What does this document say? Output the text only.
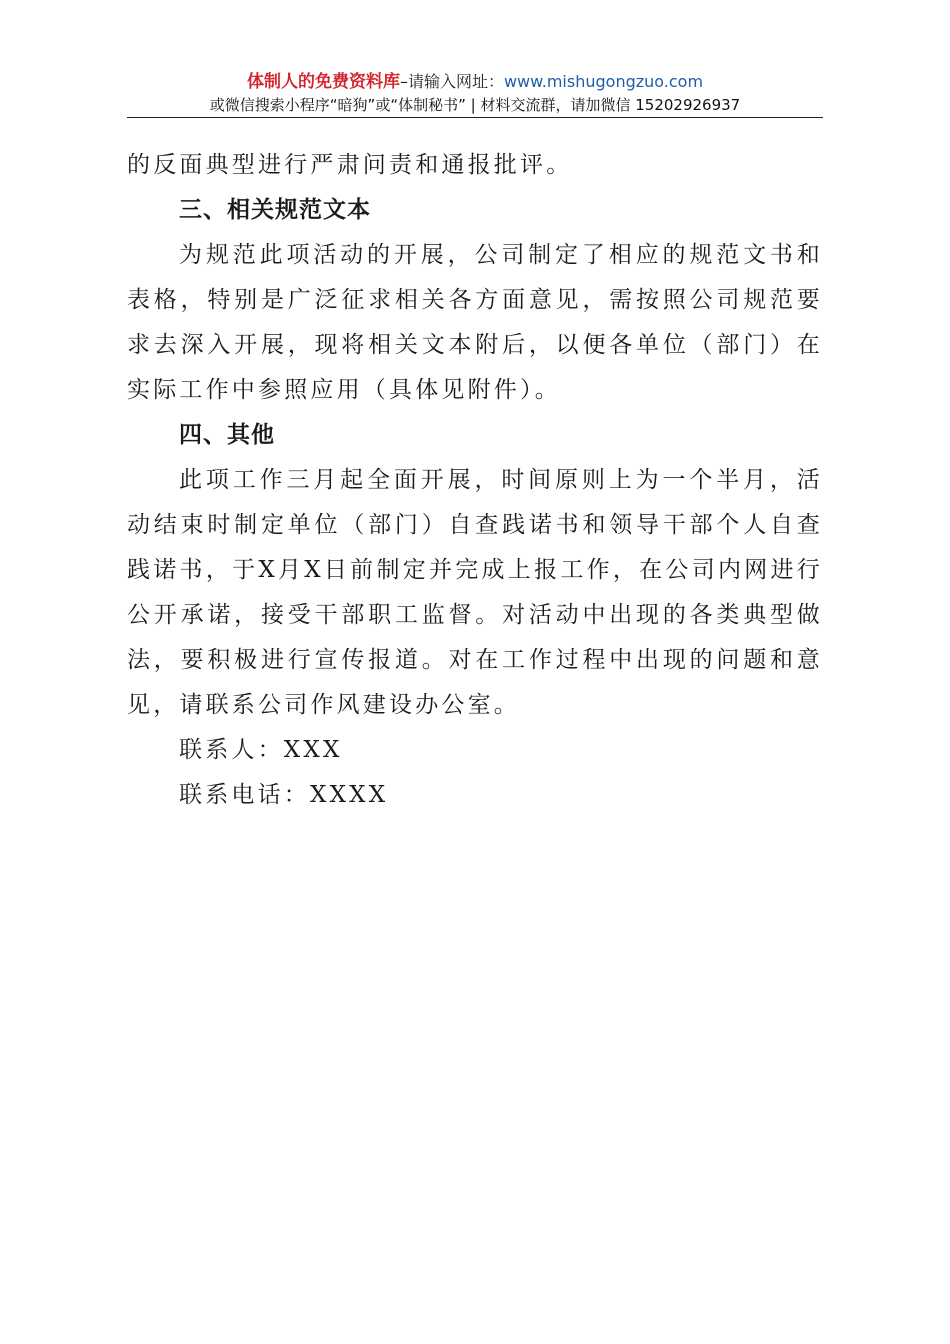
体制人的免费资料库–请输入网址：www.mishugongzuo.com
或微信搜索小程序“暗狗”或“体制秘书” | 材料交流群，请加微信 15202926937

的反面典型进行严肃问责和通报批评。

三、相关规范文本

为规范此项活动的开展，公司制定了相应的规范文书和表格，特别是广泛征求相关各方面意见，需按照公司规范要求去深入开展，现将相关文本附后，以便各单位（部门）在实际工作中参照应用（具体见附件）。

四、其他

此项工作三月起全面开展，时间原则上为一个半月，活动结束时制定单位（部门）自查践诺书和领导干部个人自查践诺书，于X月X日前制定并完成上报工作，在公司内网进行公开承诺，接受干部职工监督。对活动中出现的各类典型做法，要积极进行宣传报道。对在工作过程中出现的问题和意见，请联系公司作风建设办公室。

联系人：XXX

联系电话：XXXX
